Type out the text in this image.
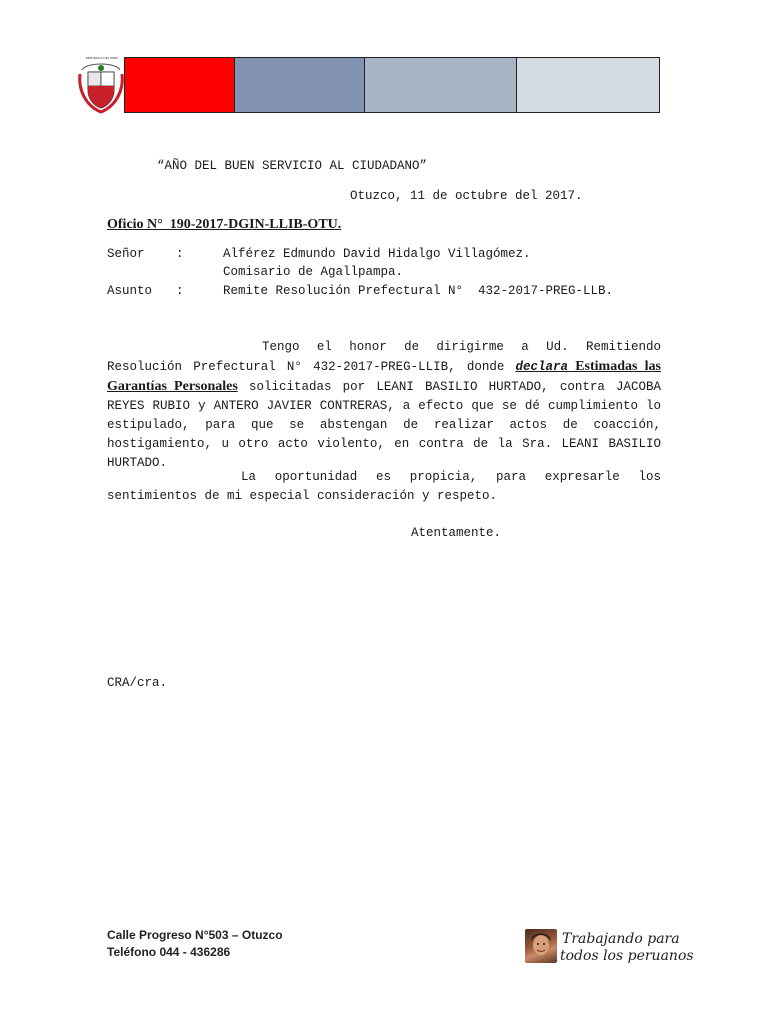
REPUBLICA DEL PERU
“AÑO DEL BUEN SERVICIO AL CIUDADANO”
Otuzco, 11 de octubre del 2017.
Oficio N°  190-2017-DGIN-LLIB-OTU.
Señor	:	Alférez Edmundo David Hidalgo Villagómez.
Comisario de Agallpampa.
Asunto :	Remite Resolución Prefectural N°  432-2017-PREG-LLB.
Tengo el honor de dirigirme a Ud. Remitiendo Resolución Prefectural N° 432-2017-PREG-LLIB, donde declara Estimadas las Garantías Personales solicitadas por LEANI BASILIO HURTADO, contra JACOBA REYES RUBIO y ANTERO JAVIER CONTRERAS, a efecto que se dé cumplimiento lo estipulado, para que se abstengan de realizar actos de coacción, hostigamiento, u otro acto violento, en contra de la Sra. LEANI BASILIO HURTADO.
La oportunidad es propicia, para expresarle los sentimientos de mi especial consideración y respeto.
Atentamente.
CRA/cra.
Calle Progreso N°503 – Otuzco
Teléfono 044 - 436286
Trabajando para
todos los peruanos
